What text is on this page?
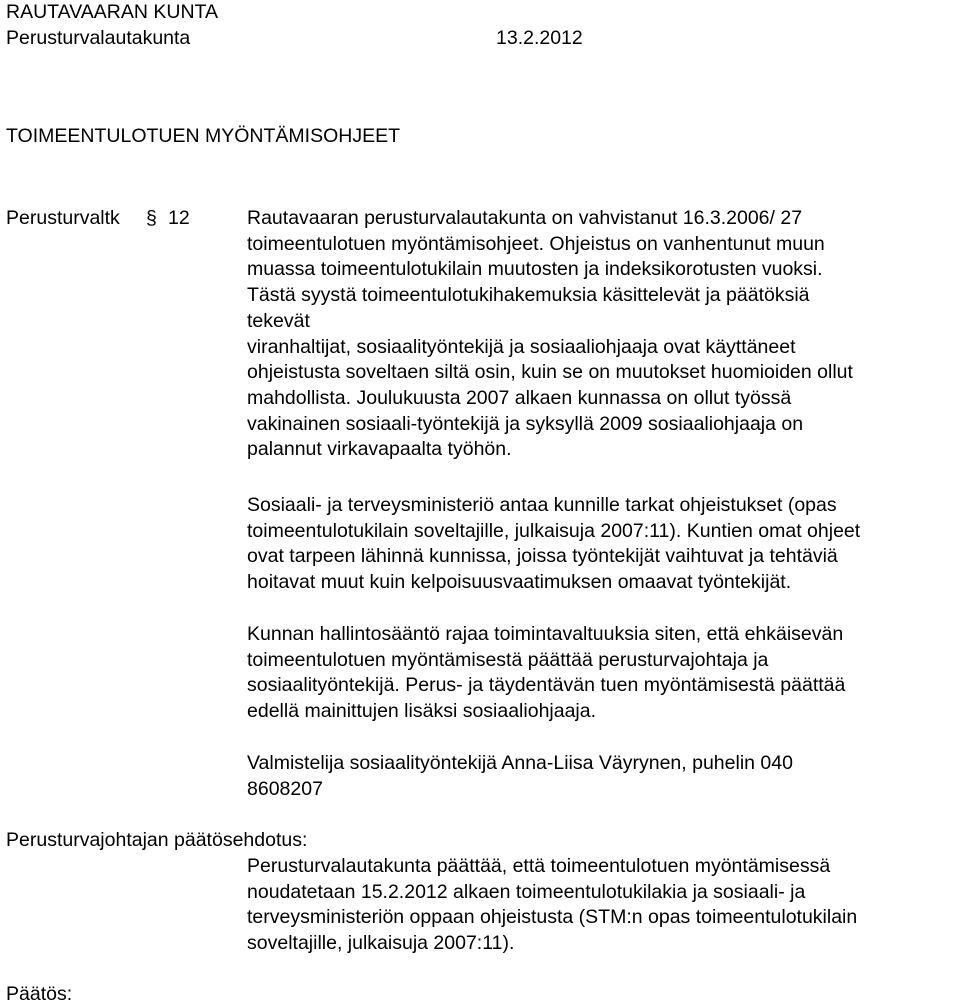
RAUTAVAARAN KUNTA
Perusturvalautakunta	13.2.2012
TOIMEENTULOTUEN MYÖNTÄMISOHJEET
Perusturvaltk § 12	Rautavaaran perusturvalautakunta on vahvistanut 16.3.2006/ 27
toimeentulotuen myöntämisohjeet. Ohjeistus on vanhentunut muun
muassa toimeentulotukilain muutosten ja indeksikorotusten vuoksi.
Tästä syystä toimeentulotukihakemuksia käsittelevät ja päätöksiä
tekevät
viranhaltijat, sosiaalityöntekijä ja sosiaaliohjaaja ovat käyttäneet
ohjeistusta soveltaen siltä osin, kuin se on muutokset huomioiden ollut
mahdollista. Joulukuusta 2007 alkaen kunnassa on ollut työssä
vakinainen sosiaali-työntekijä ja syksyllä 2009 sosiaaliohjaaja on
palannut virkavapaalta työhön.
Sosiaali- ja terveysministeriö antaa kunnille tarkat ohjeistukset (opas
toimeentulotukilain soveltajille, julkaisuja 2007:11). Kuntien omat ohjeet
ovat tarpeen lähinnä kunnissa, joissa työntekijät vaihtuvat ja tehtäviä
hoitavat muut kuin kelpoisuusvaatimuksen omaavat työntekijät.
Kunnan hallintosääntö rajaa toimintavaltuuksia siten, että ehkäisevän
toimeentulotuen myöntämisestä päättää perusturvajohtaja ja
sosiaalityöntekijä. Perus- ja täydentävän tuen myöntämisestä päättää
edellä mainittujen lisäksi sosiaaliohjaaja.
Valmistelija sosiaalityöntekijä Anna-Liisa Väyrynen, puhelin 040
8608207
Perusturvajohtajan päätösehdotus:
Perusturvalautakunta päättää, että toimeentulotuen myöntämisessä
noudatetaan 15.2.2012 alkaen toimeentulotukilakia ja sosiaali- ja
terveysministeriön oppaan ohjeistusta (STM:n opas toimeentulotukilain
soveltajille, julkaisuja 2007:11).
Päätös:
